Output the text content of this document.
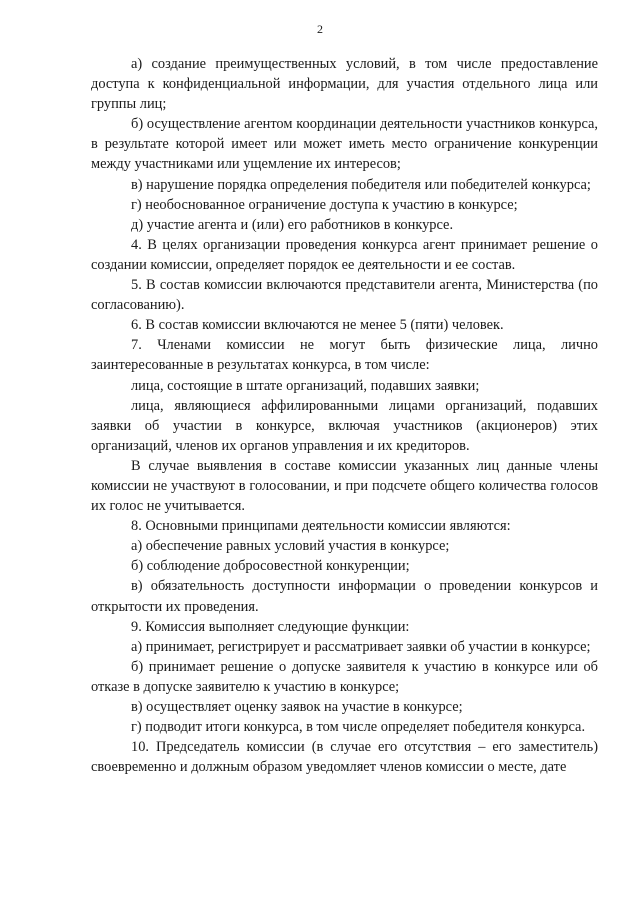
2

а) создание преимущественных условий, в том числе предоставление доступа к конфиденциальной информации, для участия отдельного лица или группы лиц;

б) осуществление агентом координации деятельности участников конкурса, в результате которой имеет или может иметь место ограничение конкуренции между участниками или ущемление их интересов;

в) нарушение порядка определения победителя или победителей конкурса;

г) необоснованное ограничение доступа к участию в конкурсе;

д) участие агента и (или) его работников в конкурсе.

4. В целях организации проведения конкурса агент принимает решение о создании комиссии, определяет порядок ее деятельности и ее состав.

5. В состав комиссии включаются представители агента, Министерства (по согласованию).

6. В состав комиссии включаются не менее 5 (пяти) человек.

7. Членами комиссии не могут быть физические лица, лично заинтересованные в результатах конкурса, в том числе:

лица, состоящие в штате организаций, подавших заявки;

лица, являющиеся аффилированными лицами организаций, подавших заявки об участии в конкурсе, включая участников (акционеров) этих организаций, членов их органов управления и их кредиторов.

В случае выявления в составе комиссии указанных лиц данные члены комиссии не участвуют в голосовании, и при подсчете общего количества голосов их голос не учитывается.

8. Основными принципами деятельности комиссии являются:

а) обеспечение равных условий участия в конкурсе;

б) соблюдение добросовестной конкуренции;

в) обязательность доступности информации о проведении конкурсов и открытости их проведения.

9. Комиссия выполняет следующие функции:

а) принимает, регистрирует и рассматривает заявки об участии в конкурсе;

б) принимает решение о допуске заявителя к участию в конкурсе или об отказе в допуске заявителю к участию в конкурсе;

в) осуществляет оценку заявок на участие в конкурсе;

г) подводит итоги конкурса, в том числе определяет победителя конкурса.

10. Председатель комиссии (в случае его отсутствия – его заместитель) своевременно и должным образом уведомляет членов комиссии о месте, дате
